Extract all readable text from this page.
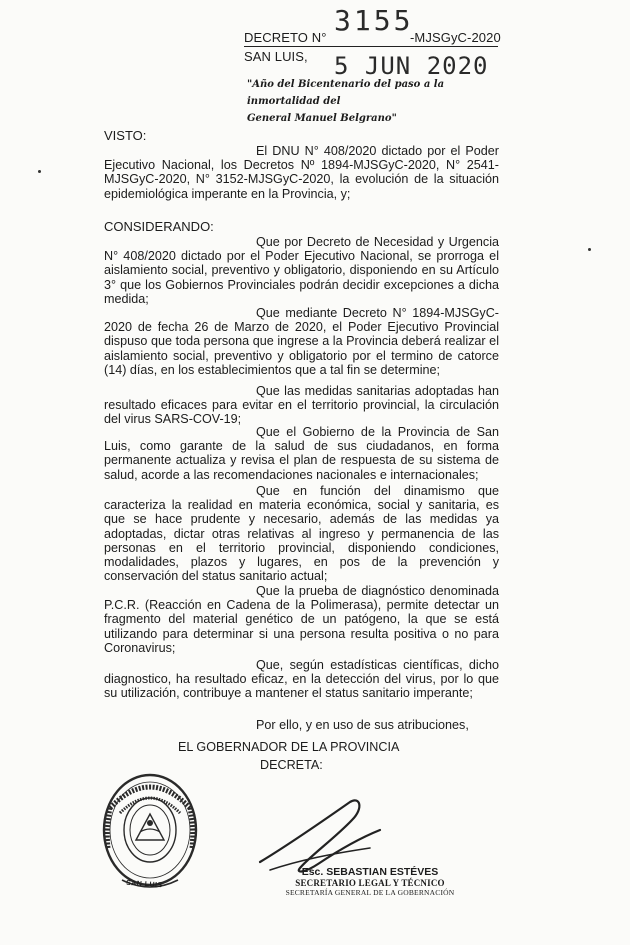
DECRETO N°
3155
-MJSGyC-2020
SAN LUIS, 5 JUN 2020
"Año del Bicentenario del paso a la inmortalidad del
General Manuel Belgrano"
VISTO:
El DNU N° 408/2020 dictado por el Poder Ejecutivo Nacional, los Decretos Nº 1894-MJSGyC-2020, N° 2541-MJSGyC-2020, N° 3152-MJSGyC-2020, la evolución de la situación epidemiológica imperante en la Provincia, y;
CONSIDERANDO:
Que por Decreto de Necesidad y Urgencia N° 408/2020 dictado por el Poder Ejecutivo Nacional, se prorroga el aislamiento social, preventivo y obligatorio, disponiendo en su Artículo 3° que los Gobiernos Provinciales podrán decidir excepciones a dicha medida;
Que mediante Decreto N° 1894-MJSGyC-2020 de fecha 26 de Marzo de 2020, el Poder Ejecutivo Provincial dispuso que toda persona que ingrese a la Provincia deberá realizar el aislamiento social, preventivo y obligatorio por el termino de catorce (14) días, en los establecimientos que a tal fin se determine;
Que las medidas sanitarias adoptadas han resultado eficaces para evitar en el territorio provincial, la circulación del virus SARS-COV-19;
Que el Gobierno de la Provincia de San Luis, como garante de la salud de sus ciudadanos, en forma permanente actualiza y revisa el plan de respuesta de su sistema de salud, acorde a las recomendaciones nacionales e internacionales;
Que en función del dinamismo que caracteriza la realidad en materia económica, social y sanitaria, es que se hace prudente y necesario, además de las medidas ya adoptadas, dictar otras relativas al ingreso y permanencia de las personas en el territorio provincial, disponiendo condiciones, modalidades, plazos y lugares, en pos de la prevención y conservación del status sanitario actual;
Que la prueba de diagnóstico denominada P.C.R. (Reacción en Cadena de la Polimerasa), permite detectar un fragmento del material genético de un patógeno, la que se está utilizando para determinar si una persona resulta positiva o no para Coronavirus;
Que, según estadísticas científicas, dicho diagnostico, ha resultado eficaz, en la detección del virus, por lo que su utilización, contribuye a mantener el status sanitario imperante;
Por ello, y en uso de sus atribuciones,
EL GOBERNADOR DE LA PROVINCIA
DECRETA:
SAN LUIS
Esc. SEBASTIAN ESTÉVES
SECRETARIO LEGAL Y TÉCNICO
SECRETARÍA GENERAL DE LA GOBERNACIÓN
